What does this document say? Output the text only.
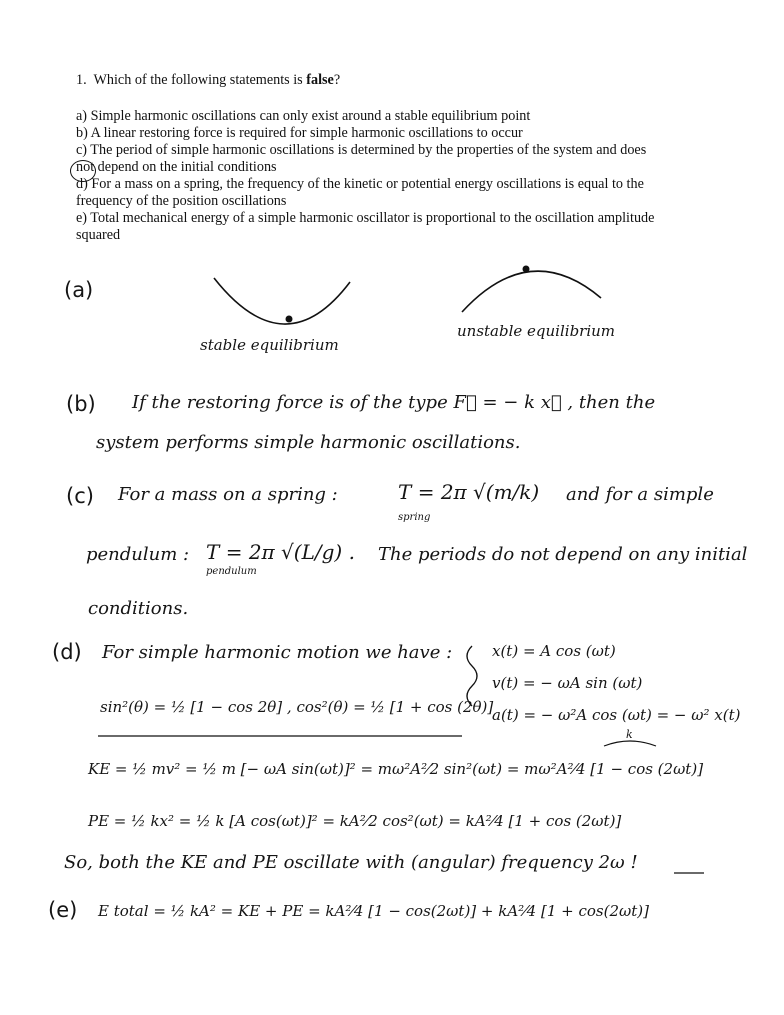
1. Which of the following statements is false?
a) Simple harmonic oscillations can only exist around a stable equilibrium point
b) A linear restoring force is required for simple harmonic oscillations to occur
c) The period of simple harmonic oscillations is determined by the properties of the system and does
not depend on the initial conditions
d) For a mass on a spring, the frequency of the kinetic or potential energy oscillations is equal to the
frequency of the position oscillations
e) Total mechanical energy of a simple harmonic oscillator is proportional to the oscillation amplitude
squared
(a)
stable equilibrium
unstable equilibrium
(b) If the restoring force is of the type F⃗ = − k x⃗ , then the
system performs simple harmonic oscillations.
(c) For a mass on a spring :	T = 2π √(m/k)
spring
and for a simple
pendulum : T = 2π √(L/g) .
pendulum
The periods do not depend on any initial
conditions.
(d) For simple harmonic motion we have :	x(t) = A cos (ωt)
v(t) = − ωA sin (ωt)
a(t) = − ω²A cos (ωt) = − ω² x(t)
sin²(θ) = ½ [1 − cos 2θ] , cos²(θ) = ½ [1 + cos (2θ)]
k
KE = ½ mv² = ½ m [− ωA sin(ωt)]² = mω²A²⁄2 sin²(ωt) = mω²A²⁄4 [1 − cos (2ωt)]
PE = ½ kx² = ½ k [A cos(ωt)]² = kA²⁄2 cos²(ωt) = kA²⁄4 [1 + cos (2ωt)]
So, both the KE and PE oscillate with (angular) frequency 2ω !
(e) E total = ½ kA² = KE + PE = kA²⁄4 [1 − cos(2ωt)] + kA²⁄4 [1 + cos(2ωt)]
